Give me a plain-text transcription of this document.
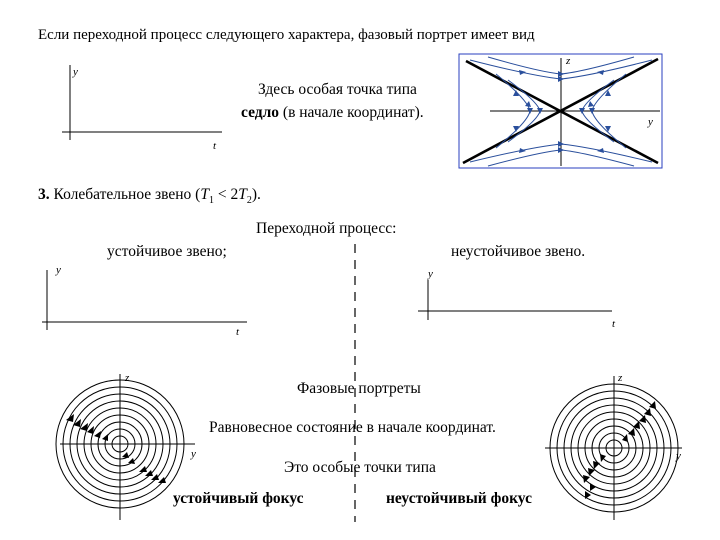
Если переходной процесс следующего характера, фазовый портрет имеет вид
y
t
Здесь особая точка типа
седло (в начале координат).
z
y
3. Колебательное звено $(T_1 < 2T_2)$.
Переходной процесс:
устойчивое звено;	неустойчивое звено.
y
t
y
t
Фазовые портреты
Равновесное состояние в начале координат.
Это особые точки типа
устойчивый фокус	неустойчивый фокус
z
y
z
y
